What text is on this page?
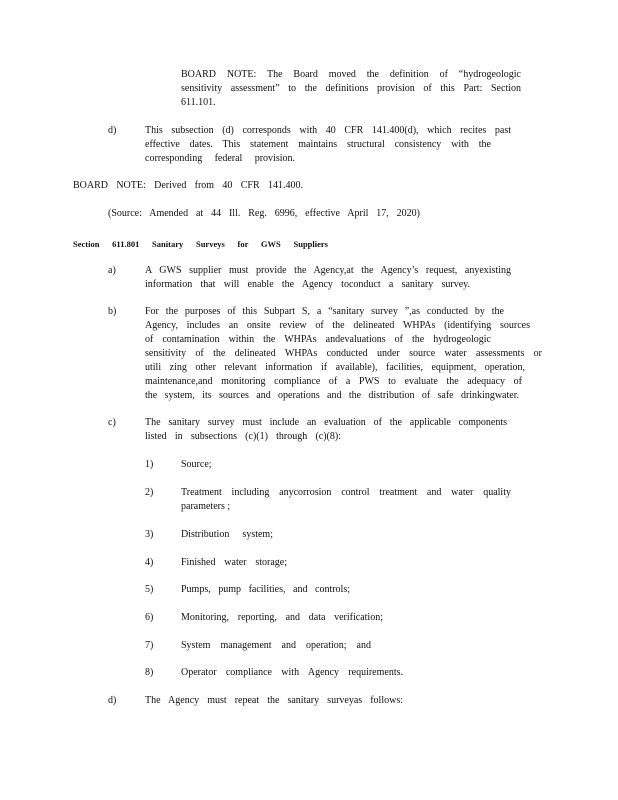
BOARD NOTE: The Board moved the definition of “hydrogeologic
sensitivity assessment” to the definitions provision of this Part: Section
611.101.
d)	This subsection (d) corresponds with 40 CFR 141.400(d), which recites past
effective dates. This statement maintains structural consistency with the
corresponding federal provision.
BOARD NOTE: Derived from 40 CFR 141.400.
(Source: Amended at 44 Ill. Reg. 6996, effective April 17, 2020)
Section 611.801 Sanitary Surveys for GWS Suppliers
a)	A GWS supplier must provide the Agency,at the Agency’s request, anyexisting
information that will enable the Agency toconduct a sanitary survey.
b)	For the purposes of this Subpart S, a “sanitary survey ”,as conducted by the
Agency, includes an onsite review of the delineated WHPAs (identifying sources
of contamination within the WHPAs andevaluations of the hydrogeologic
sensitivity of the delineated WHPAs conducted under source water assessments or
utili zing other relevant information if available), facilities, equipment, operation,
maintenance,and monitoring compliance of a PWS to evaluate the adequacy of
the system, its sources and operations and the distribution of safe drinkingwater.
c)	The sanitary survey must include an evaluation of the applicable components
listed in subsections (c)(1) through (c)(8):
1)	Source;
2)	Treatment including anycorrosion control treatment and water quality
parameters ;
3)	Distribution system;
4)	Finished water storage;
5)	Pumps, pump facilities, and controls;
6)	Monitoring, reporting, and data verification;
7)	System management and operation; and
8)	Operator compliance with Agency requirements.
d)	The Agency must repeat the sanitary surveyas follows:
